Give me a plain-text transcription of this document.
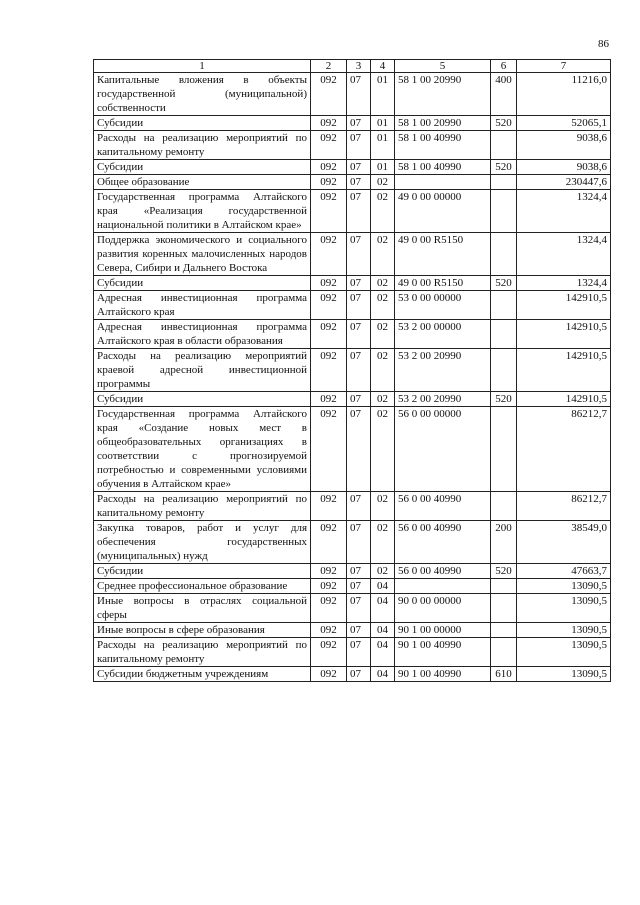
86
1	2	3	4	5	6	7
Капитальные вложения в объекты государственной (муниципальной) собственности	092	07	01	58 1 00 20990	400	11216,0
Субсидии	092	07	01	58 1 00 20990	520	52065,1
Расходы на реализацию мероприятий по капитальному ремонту	092	07	01	58 1 00 40990		9038,6
Субсидии	092	07	01	58 1 00 40990	520	9038,6
Общее образование	092	07	02			230447,6
Государственная программа Алтайского края «Реализация государственной национальной политики в Алтайском крае»	092	07	02	49 0 00 00000		1324,4
Поддержка экономического и социального развития коренных малочисленных народов Севера, Сибири и Дальнего Востока	092	07	02	49 0 00 R5150		1324,4
Субсидии	092	07	02	49 0 00 R5150	520	1324,4
Адресная инвестиционная программа Алтайского края	092	07	02	53 0 00 00000		142910,5
Адресная инвестиционная программа Алтайского края в области образования	092	07	02	53 2 00 00000		142910,5
Расходы на реализацию мероприятий краевой адресной инвестиционной программы	092	07	02	53 2 00 20990		142910,5
Субсидии	092	07	02	53 2 00 20990	520	142910,5
Государственная программа Алтайского края «Создание новых мест в общеобразовательных организациях в соответствии с прогнозируемой потребностью и современными условиями обучения в Алтайском крае»	092	07	02	56 0 00 00000		86212,7
Расходы на реализацию мероприятий по капитальному ремонту	092	07	02	56 0 00 40990		86212,7
Закупка товаров, работ и услуг для обеспечения государственных (муниципальных) нужд	092	07	02	56 0 00 40990	200	38549,0
Субсидии	092	07	02	56 0 00 40990	520	47663,7
Среднее профессиональное образование	092	07	04			13090,5
Иные вопросы в отраслях социальной сферы	092	07	04	90 0 00 00000		13090,5
Иные вопросы в сфере образования	092	07	04	90 1 00 00000		13090,5
Расходы на реализацию мероприятий по капитальному ремонту	092	07	04	90 1 00 40990		13090,5
Субсидии бюджетным учреждениям	092	07	04	90 1 00 40990	610	13090,5
